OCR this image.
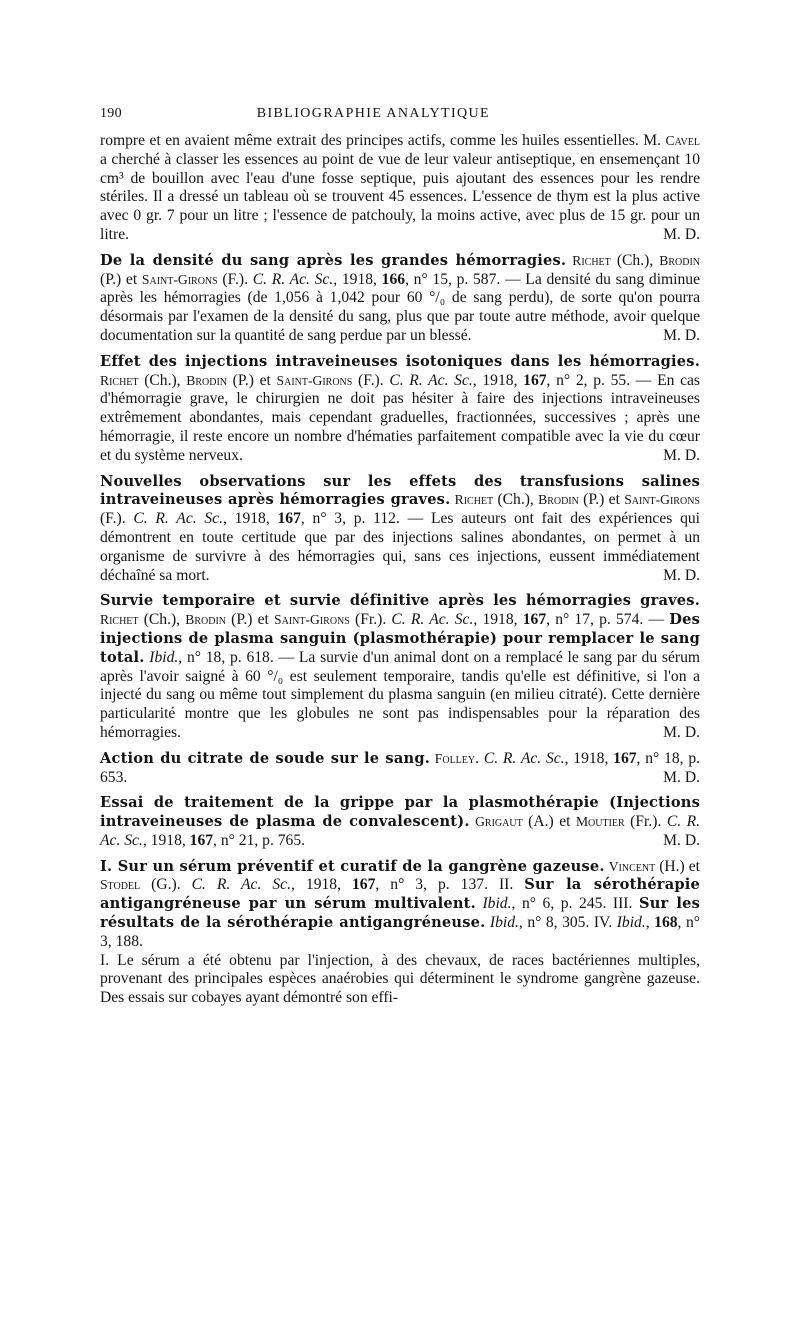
190	BIBLIOGRAPHIE ANALYTIQUE

rompre et en avaient même extrait des principes actifs, comme les huiles essentielles. M. Cavel a cherché à classer les essences au point de vue de leur valeur antiseptique, en ensemençant 10 cm³ de bouillon avec l'eau d'une fosse septique, puis ajoutant des essences pour les rendre stériles. Il a dressé un tableau où se trouvent 45 essences. L'essence de thym est la plus active avec 0 gr. 7 pour un litre ; l'essence de patchouly, la moins active, avec plus de 15 gr. pour un litre.	M. D.

De la densité du sang après les grandes hémorragies. Richet (Ch.), Brodin (P.) et Saint-Girons (F.). C. R. Ac. Sc., 1918, 166, n° 15, p. 587. — La densité du sang diminue après les hémorragies (de 1,056 à 1,042 pour 60 °/₀ de sang perdu), de sorte qu'on pourra désormais par l'examen de la densité du sang, plus que par toute autre méthode, avoir quelque documentation sur la quantité de sang perdue par un blessé.	M. D.

Effet des injections intraveineuses isotoniques dans les hémorragies. Richet (Ch.), Brodin (P.) et Saint-Girons (F.). C. R. Ac. Sc., 1918, 167, n° 2, p. 55. — En cas d'hémorragie grave, le chirurgien ne doit pas hésiter à faire des injections intraveineuses extrêmement abondantes, mais cependant graduelles, fractionnées, successives ; après une hémorragie, il reste encore un nombre d'hématies parfaitement compatible avec la vie du cœur et du système nerveux.	M. D.

Nouvelles observations sur les effets des transfusions salines intraveineuses après hémorragies graves. Richet (Ch.), Brodin (P.) et Saint-Girons (F.). C. R. Ac. Sc., 1918, 167, n° 3, p. 112. — Les auteurs ont fait des expériences qui démontrent en toute certitude que par des injections salines abondantes, on permet à un organisme de survivre à des hémorragies qui, sans ces injections, eussent immédiatement déchaîné sa mort.	M. D.

Survie temporaire et survie définitive après les hémorragies graves. Richet (Ch.), Brodin (P.) et Saint-Girons (Fr.). C. R. Ac. Sc., 1918, 167, n° 17, p. 574. — Des injections de plasma sanguin (plasmothérapie) pour remplacer le sang total. Ibid., n° 18, p. 618. — La survie d'un animal dont on a remplacé le sang par du sérum après l'avoir saigné à 60 °/₀ est seulement temporaire, tandis qu'elle est définitive, si l'on a injecté du sang ou même tout simplement du plasma sanguin (en milieu citraté). Cette dernière particularité montre que les globules ne sont pas indispensables pour la réparation des hémorragies.	M. D.

Action du citrate de soude sur le sang. Folley. C. R. Ac. Sc., 1918, 167, n° 18, p. 653.	M. D.

Essai de traitement de la grippe par la plasmothérapie (Injections intraveineuses de plasma de convalescent). Grigaut (A.) et Moutier (Fr.). C. R. Ac. Sc., 1918, 167, n° 21, p. 765.	M. D.

I. Sur un sérum préventif et curatif de la gangrène gazeuse. Vincent (H.) et Stodel (G.). C. R. Ac. Sc., 1918, 167, n° 3, p. 137. II. Sur la sérothérapie antigangréneuse par un sérum multivalent. Ibid., n° 6, p. 245. III. Sur les résultats de la sérothérapie antigangréneuse. Ibid., n° 8, 305. IV. Ibid., 168, n° 3, 188.

I. Le sérum a été obtenu par l'injection, à des chevaux, de races bactériennes multiples, provenant des principales espèces anaérobies qui déterminent le syndrome gangrène gazeuse. Des essais sur cobayes ayant démontré son effi-
